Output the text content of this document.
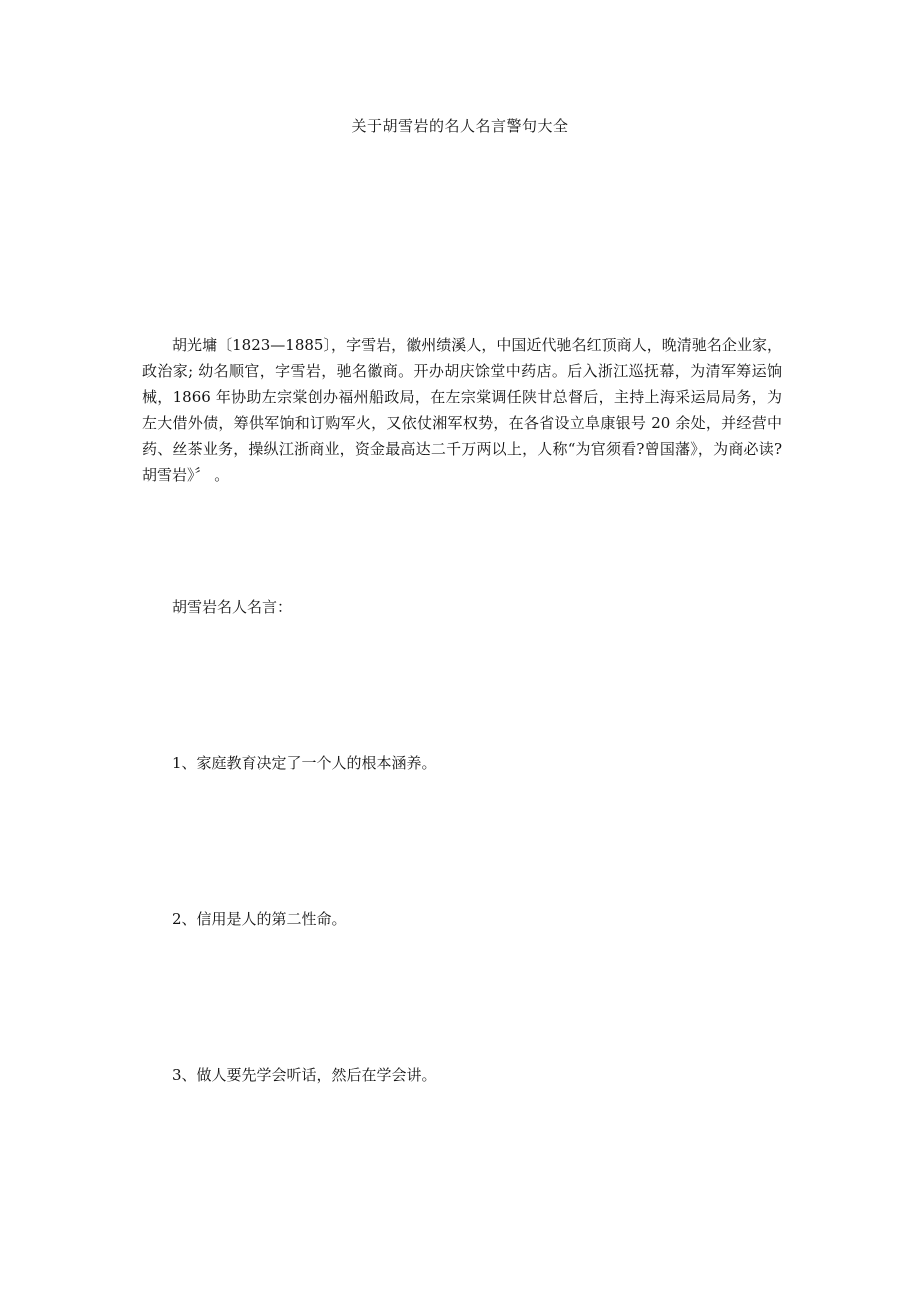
关于胡雪岩的名人名言警句大全

胡光墉〔1823—1885〕，字雪岩，徽州绩溪人，中国近代驰名红顶商人，晚清驰名企业家，政治家; 幼名顺官，字雪岩，驰名徽商。开办胡庆馀堂中药店。后入浙江巡抚幕，为清军筹运饷械，1866 年协助左宗棠创办福州船政局，在左宗棠调任陕甘总督后，主持上海采运局局务，为左大借外债，筹供军饷和订购军火，又依仗湘军权势，在各省设立阜康银号 20 余处，并经营中药、丝茶业务，操纵江浙商业，资金最高达二千万两以上，人称“为官须看?曾国藩》，为商必读?胡雪岩》〞 。

胡雪岩名人名言：

1、家庭教育决定了一个人的根本涵养。

2、信用是人的第二性命。

3、做人要先学会听话，然后在学会讲。
